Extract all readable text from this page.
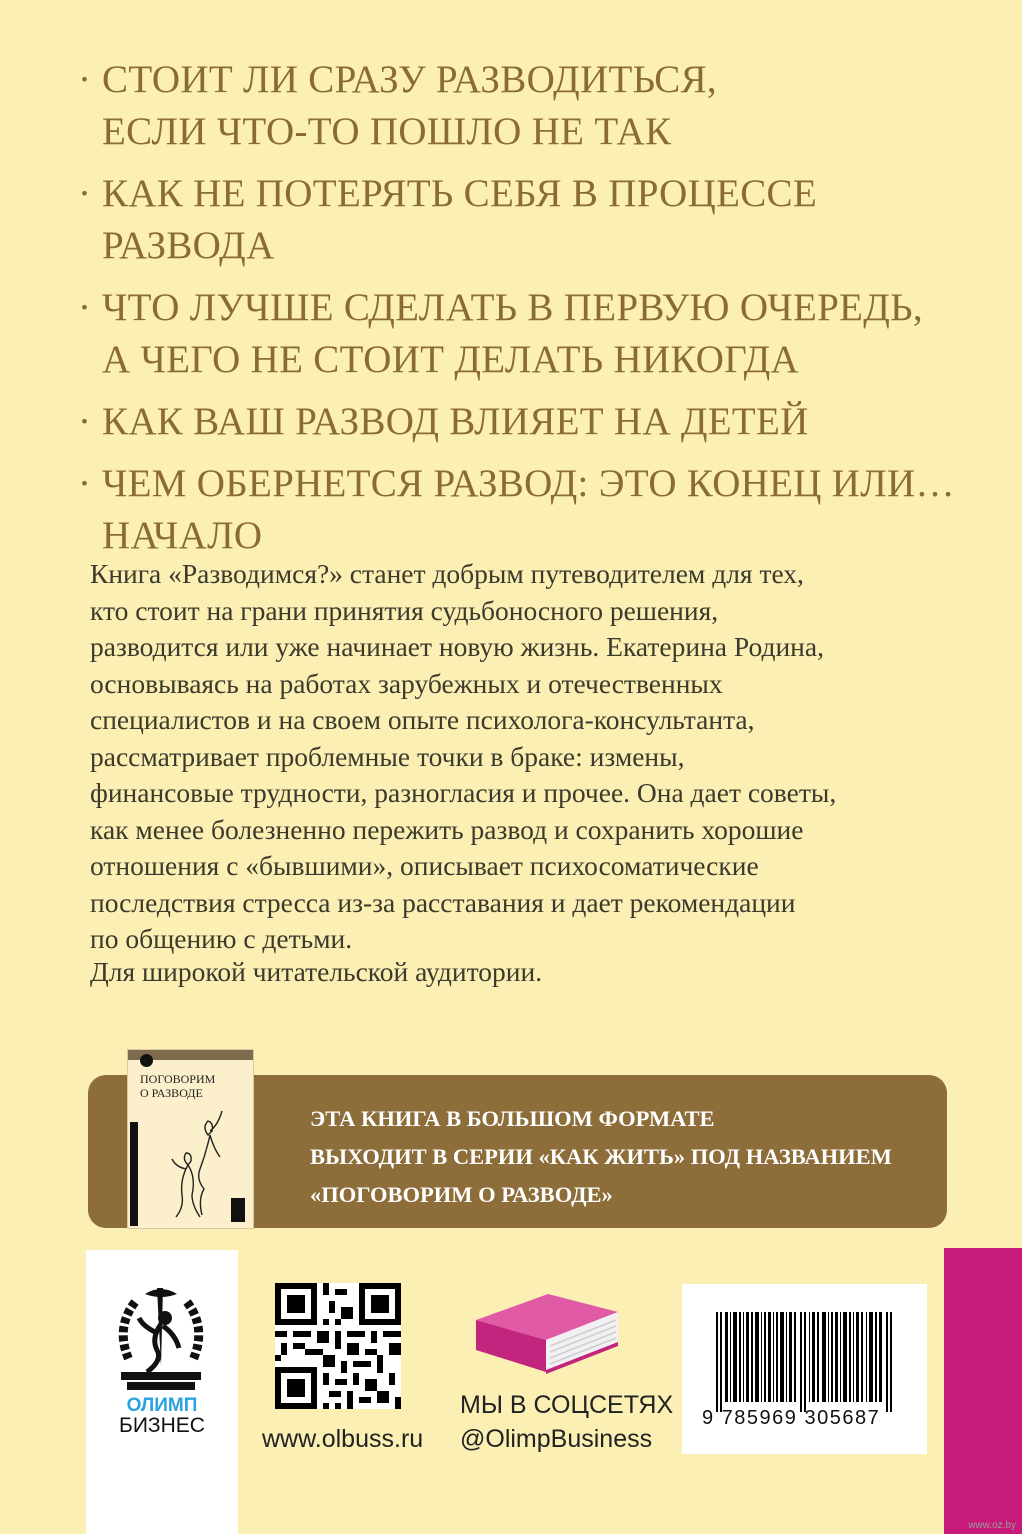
· СТОИТ ЛИ СРАЗУ РАЗВОДИТЬСЯ,
ЕСЛИ ЧТО-ТО ПОШЛО НЕ ТАК
· КАК НЕ ПОТЕРЯТЬ СЕБЯ В ПРОЦЕССЕ РАЗВОДА
· ЧТО ЛУЧШЕ СДЕЛАТЬ В ПЕРВУЮ ОЧЕРЕДЬ,
А ЧЕГО НЕ СТОИТ ДЕЛАТЬ НИКОГДА
· КАК ВАШ РАЗВОД ВЛИЯЕТ НА ДЕТЕЙ
· ЧЕМ ОБЕРНЕТСЯ РАЗВОД: ЭТО КОНЕЦ ИЛИ…
НАЧАЛО

Книга «Разводимся?» станет добрым путеводителем для тех,
кто стоит на грани принятия судьбоносного решения,
разводится или уже начинает новую жизнь. Екатерина Родина,
основываясь на работах зарубежных и отечественных
специалистов и на своем опыте психолога-консультанта,
рассматривает проблемные точки в браке: измены,
финансовые трудности, разногласия и прочее. Она дает советы,
как менее болезненно пережить развод и сохранить хорошие
отношения с «бывшими», описывает психосоматические
последствия стресса из-за расставания и дает рекомендации
по общению с детьми.

Для широкой читательской аудитории.
ПОГОВОРИМ
О РАЗВОДЕ
ЭТА КНИГА В БОЛЬШОМ ФОРМАТЕ
ВЫХОДИТ В СЕРИИ «КАК ЖИТЬ» ПОД НАЗВАНИЕМ
«ПОГОВОРИМ О РАЗВОДЕ»
ОЛИМП
БИЗНЕС	www.olbuss.ru
МЫ В СОЦСЕТЯХ
@OlimpBusiness
9 785969 305687
www.oz.by
